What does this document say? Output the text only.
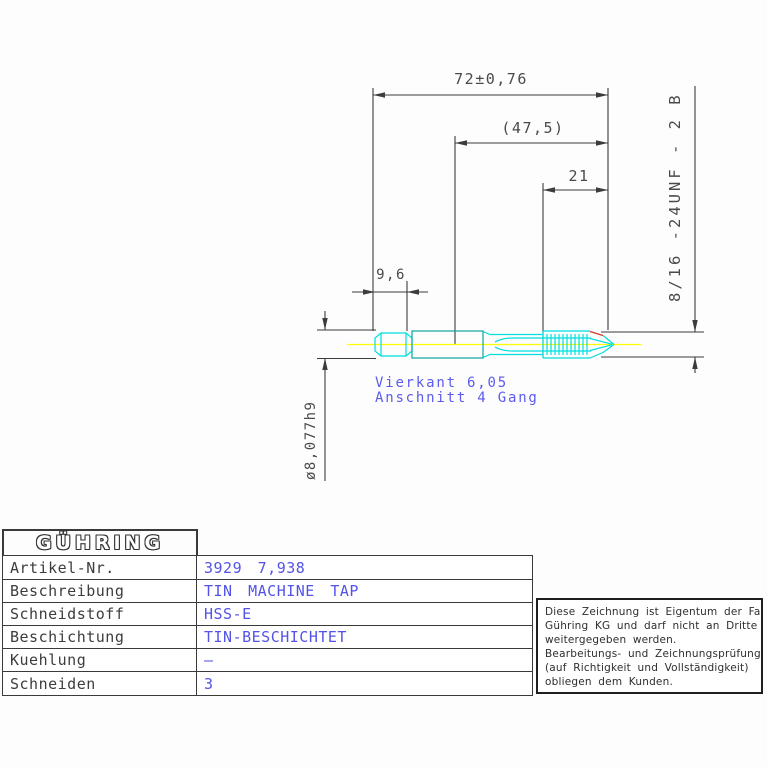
72±0,76
(47,5)
21
9,6	8/16 -24UNF - 2 B
ø8,077h9
Vierkant 6,05
Anschnitt 4 Gang
GÜHRING
Artikel-Nr.	3929 7,938
Beschreibung	TIN MACHINE TAP
Schneidstoff	HSS-E
Beschichtung	TIN-BESCHICHTET
Kuehlung	–
Schneiden	3
Diese Zeichnung ist Eigentum der Fa.
Gühring KG und darf nicht an Dritte
weitergegeben werden.
Bearbeitungs- und Zeichnungsprüfung
(auf Richtigkeit und Vollständigkeit)
obliegen dem Kunden.
